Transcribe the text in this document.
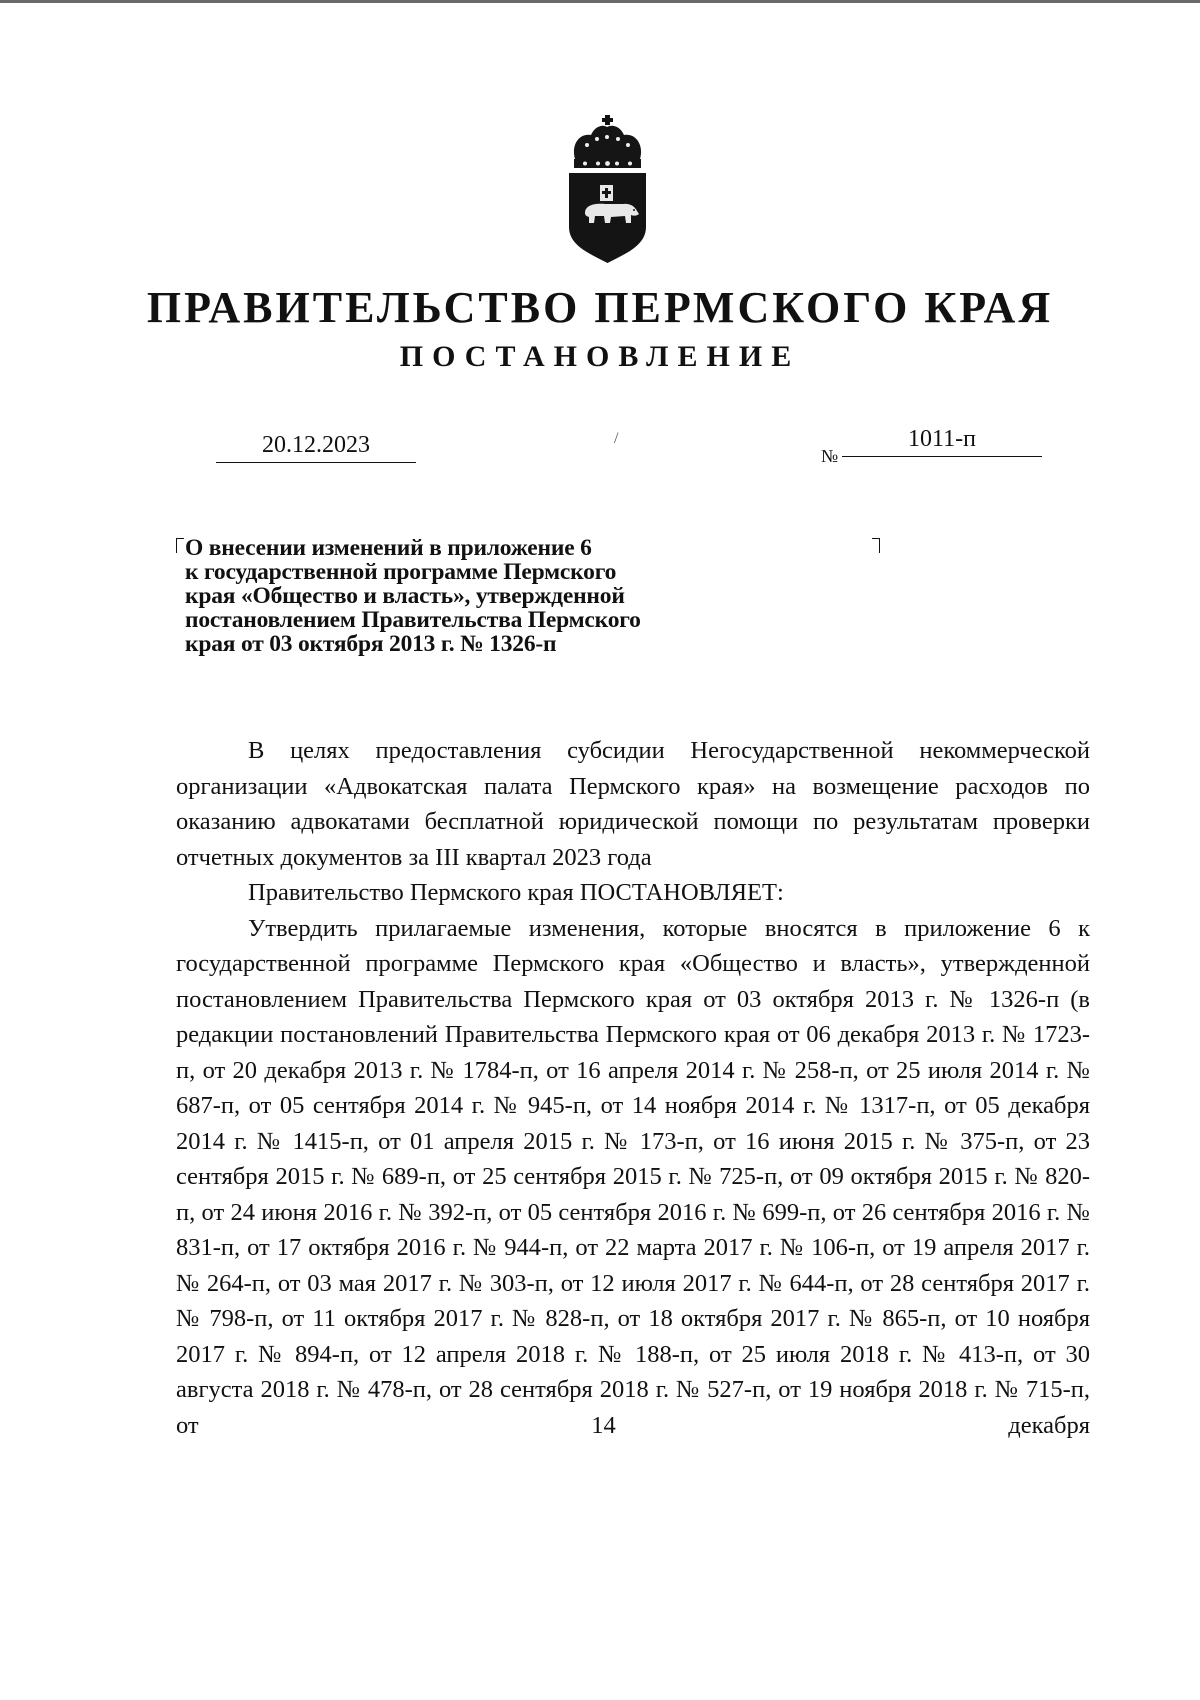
ПРАВИТЕЛЬСТВО ПЕРМСКОГО КРАЯ
ПОСТАНОВЛЕНИЕ
20.12.2023	/
№
1011-п
О внесении изменений в приложение 6
к государственной программе Пермского
края «Общество и власть», утвержденной
постановлением Правительства Пермского
края от 03 октября 2013 г. № 1326-п

В целях предоставления субсидии Негосударственной некоммерческой организации «Адвокатская палата Пермского края» на возмещение расходов по оказанию адвокатами бесплатной юридической помощи по результатам проверки отчетных документов за III квартал 2023 года

Правительство Пермского края ПОСТАНОВЛЯЕТ:

Утвердить прилагаемые изменения, которые вносятся в приложение 6 к государственной программе Пермского края «Общество и власть», утвержденной постановлением Правительства Пермского края от 03 октября 2013 г. № 1326-п (в редакции постановлений Правительства Пермского края от 06 декабря 2013 г. № 1723-п, от 20 декабря 2013 г. № 1784-п, от 16 апреля 2014 г. № 258-п, от 25 июля 2014 г. № 687-п, от 05 сентября 2014 г. № 945-п, от 14 ноября 2014 г. № 1317-п, от 05 декабря 2014 г. № 1415-п, от 01 апреля 2015 г. № 173-п, от 16 июня 2015 г. № 375-п, от 23 сентября 2015 г. № 689-п, от 25 сентября 2015 г. № 725-п, от 09 октября 2015 г. № 820-п, от 24 июня 2016 г. № 392-п, от 05 сентября 2016 г. № 699-п, от 26 сентября 2016 г. № 831-п, от 17 октября 2016 г. № 944-п, от 22 марта 2017 г. № 106-п, от 19 апреля 2017 г. № 264-п, от 03 мая 2017 г. № 303-п, от 12 июля 2017 г. № 644-п, от 28 сентября 2017 г. № 798-п, от 11 октября 2017 г. № 828-п, от 18 октября 2017 г. № 865-п, от 10 ноября 2017 г. № 894-п, от 12 апреля 2018 г. № 188-п, от 25 июля 2018 г. № 413-п, от 30 августа 2018 г. № 478-п, от 28 сентября 2018 г. № 527-п, от 19 ноября 2018 г. № 715-п, от 14 декабря
